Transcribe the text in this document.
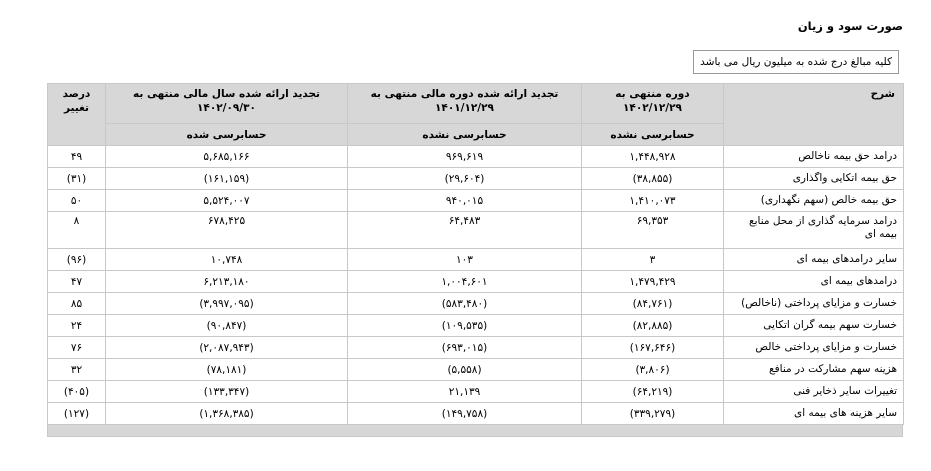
صورت سود و زیان
کلیه مبالغ درج شده به میلیون ریال می باشد
شرح	دوره منتهی به ۱۴۰۲/۱۲/۲۹	تجدید ارائه شده دوره مالی منتهی به ۱۴۰۱/۱۲/۲۹	تجدید ارائه شده سال مالی منتهی به ۱۴۰۲/۰۹/۳۰	درصد تغییر
	حسابرسی نشده	حسابرسی نشده	حسابرسی شده	
درامد حق بیمه ناخالص	۱,۴۴۸,۹۲۸	۹۶۹,۶۱۹	۵,۶۸۵,۱۶۶	۴۹
حق بیمه اتکایی واگذاری	(۳۸,۸۵۵)	(۲۹,۶۰۴)	(۱۶۱,۱۵۹)	(۳۱)
حق بیمه خالص (سهم نگهداری)	۱,۴۱۰,۰۷۳	۹۴۰,۰۱۵	۵,۵۲۴,۰۰۷	۵۰
درامد سرمایه گذاری از محل منابع بیمه ای	۶۹,۳۵۳	۶۴,۴۸۳	۶۷۸,۴۲۵	۸
سایر درامدهای بیمه ای	۳	۱۰۳	۱۰,۷۴۸	(۹۶)
درامدهای بیمه ای	۱,۴۷۹,۴۲۹	۱,۰۰۴,۶۰۱	۶,۲۱۳,۱۸۰	۴۷
خسارت و مزایای پرداختی (ناخالص)	(۸۴,۷۶۱)	(۵۸۳,۴۸۰)	(۳,۹۹۷,۰۹۵)	۸۵
خسارت سهم بیمه گران اتکایی	(۸۲,۸۸۵)	(۱۰۹,۵۳۵)	(۹۰,۸۴۷)	۲۴
خسارت و مزایای پرداختی خالص	(۱۶۷,۶۴۶)	(۶۹۳,۰۱۵)	(۲,۰۸۷,۹۴۳)	۷۶
هزینه سهم مشارکت در منافع	(۳,۸۰۶)	(۵,۵۵۸)	(۷۸,۱۸۱)	۳۲
تغییرات سایر ذخایر فنی	(۶۴,۲۱۹)	۲۱,۱۳۹	(۱۳۳,۳۴۷)	(۴۰۵)
سایر هزینه های بیمه ای	(۳۳۹,۲۷۹)	(۱۴۹,۷۵۸)	(۱,۳۶۸,۳۸۵)	(۱۲۷)
